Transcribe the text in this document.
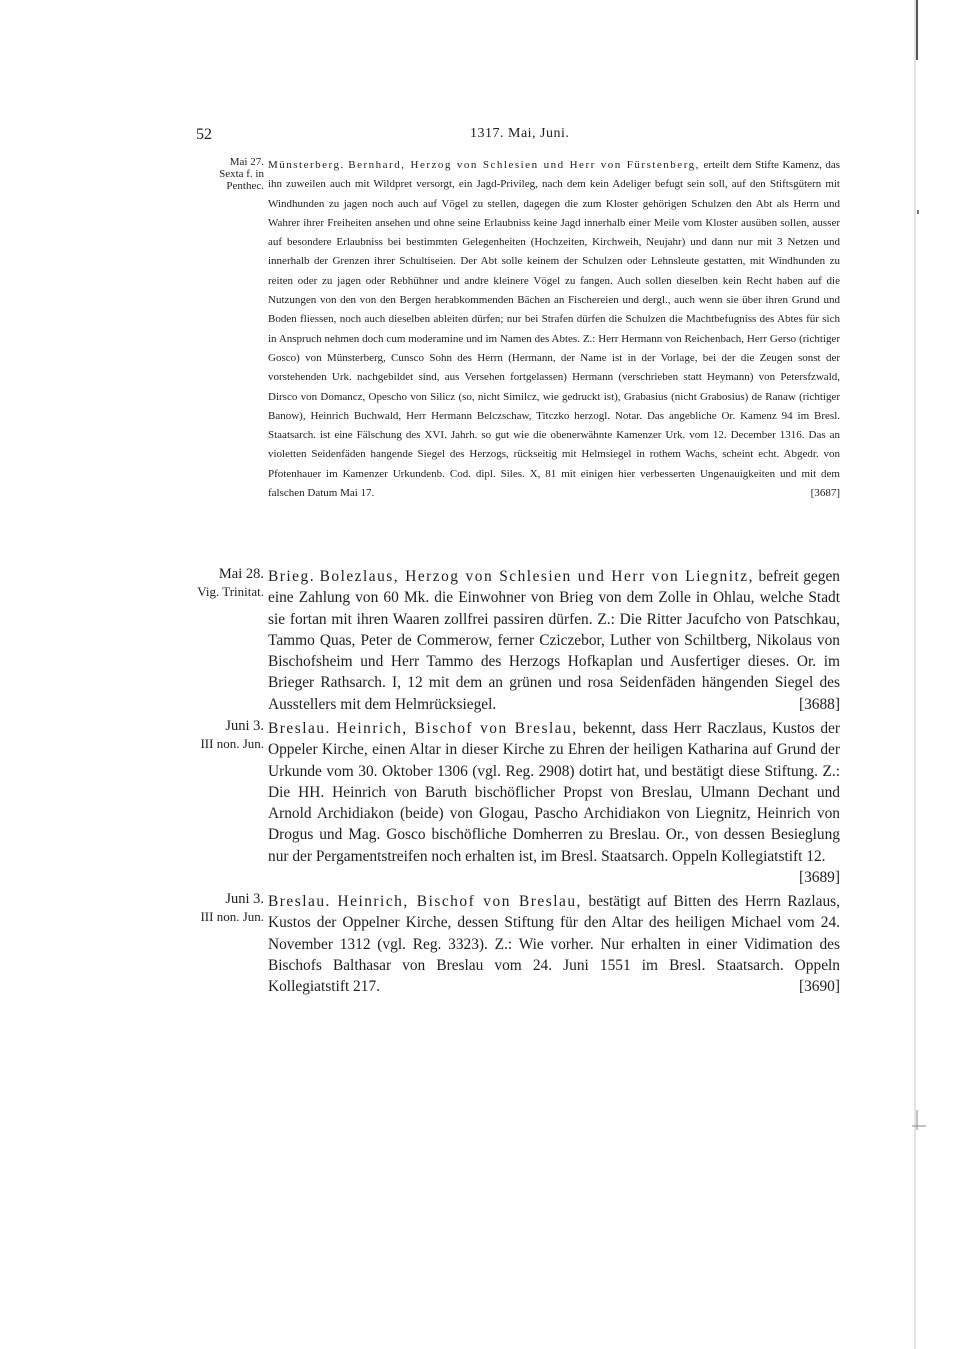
52	1317. Mai, Juni.
Mai 27.
Sexta f. in
Penthec.
Münsterberg. Bernhard, Herzog von Schlesien und Herr von Fürstenberg, erteilt dem Stifte Kamenz, das ihn zuweilen auch mit Wildpret versorgt, ein Jagd-Privileg, nach dem kein Adeliger befugt sein soll, auf den Stiftsgütern mit Windhunden zu jagen noch auch auf Vögel zu stellen, dagegen die zum Kloster gehörigen Schulzen den Abt als Herrn und Wahrer ihrer Freiheiten ansehen und ohne seine Erlaubniss keine Jagd innerhalb einer Meile vom Kloster ausüben sollen, ausser auf besondere Erlaubniss bei bestimmten Gelegenheiten (Hochzeiten, Kirchweih, Neujahr) und dann nur mit 3 Netzen und innerhalb der Grenzen ihrer Schultiseien. Der Abt solle keinem der Schulzen oder Lehnsleute gestatten, mit Windhunden zu reiten oder zu jagen oder Rebhühner und andre kleinere Vögel zu fangen. Auch sollen dieselben kein Recht haben auf die Nutzungen von den von den Bergen herabkommenden Bächen an Fischereien und dergl., auch wenn sie über ihren Grund und Boden fliessen, noch auch dieselben ableiten dürfen; nur bei Strafen dürfen die Schulzen die Machtbefugniss des Abtes für sich in Anspruch nehmen doch cum moderamine und im Namen des Abtes. Z.: Herr Hermann von Reichenbach, Herr Gerso (richtiger Gosco) von Münsterberg, Cunsco Sohn des Herrn (Hermann, der Name ist in der Vorlage, bei der die Zeugen sonst der vorstehenden Urk. nachgebildet sind, aus Versehen fortgelassen) Hermann (verschrieben statt Heymann) von Petersfzwald, Dirsco von Domancz, Opescho von Silicz (so, nicht Similcz, wie gedruckt ist), Grabasius (nicht Grabosius) de Ranaw (richtiger Banow), Heinrich Buchwald, Herr Hermann Belczschaw, Titczko herzogl. Notar. Das angebliche Or. Kamenz 94 im Bresl. Staatsarch. ist eine Fälschung des XVI. Jahrh. so gut wie die obenerwähnte Kamenzer Urk. vom 12. December 1316. Das an violetten Seidenfäden hangende Siegel des Herzogs, rückseitig mit Helmsiegel in rothem Wachs, scheint echt. Abgedr. von Pfotenhauer im Kamenzer Urkundenb. Cod. dipl. Siles. X, 81 mit einigen hier verbesserten Ungenauigkeiten und mit dem falschen Datum Mai 17.	[3687]
Mai 28.
Vig. Trinitat.
Brieg. Bolezlaus, Herzog von Schlesien und Herr von Liegnitz, befreit gegen eine Zahlung von 60 Mk. die Einwohner von Brieg von dem Zolle in Ohlau, welche Stadt sie fortan mit ihren Waaren zollfrei passiren dürfen. Z.: Die Ritter Jacufcho von Patschkau, Tammo Quas, Peter de Commerow, ferner Cziczebor, Luther von Schiltberg, Nikolaus von Bischofsheim und Herr Tammo des Herzogs Hofkaplan und Ausfertiger dieses. Or. im Brieger Rathsarch. I, 12 mit dem an grünen und rosa Seidenfäden hängenden Siegel des Ausstellers mit dem Helmrücksiegel.	[3688]
Juni 3.
III non. Jun.
Breslau. Heinrich, Bischof von Breslau, bekennt, dass Herr Raczlaus, Kustos der Oppeler Kirche, einen Altar in dieser Kirche zu Ehren der heiligen Katharina auf Grund der Urkunde vom 30. Oktober 1306 (vgl. Reg. 2908) dotirt hat, und bestätigt diese Stiftung. Z.: Die HH. Heinrich von Baruth bischöflicher Propst von Breslau, Ulmann Dechant und Arnold Archidiakon (beide) von Glogau, Pascho Archidiakon von Liegnitz, Heinrich von Drogus und Mag. Gosco bischöfliche Domherren zu Breslau. Or., von dessen Besieglung nur der Pergamentstreifen noch erhalten ist, im Bresl. Staatsarch. Oppeln Kollegiatstift 12.
[3689]
Juni 3.
III non. Jun.
Breslau. Heinrich, Bischof von Breslau, bestätigt auf Bitten des Herrn Razlaus, Kustos der Oppelner Kirche, dessen Stiftung für den Altar des heiligen Michael vom 24. November 1312 (vgl. Reg. 3323). Z.: Wie vorher. Nur erhalten in einer Vidimation des Bischofs Balthasar von Breslau vom 24. Juni 1551 im Bresl. Staatsarch. Oppeln Kollegiatstift 217.	[3690]
